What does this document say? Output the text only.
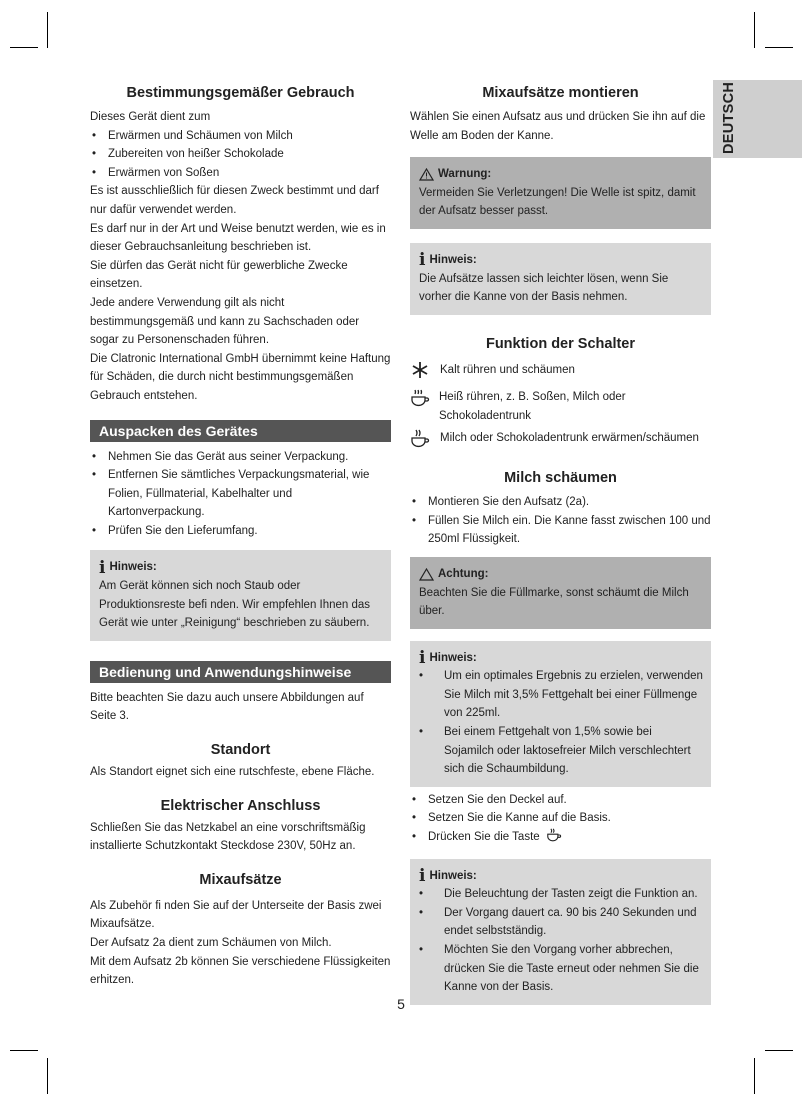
DEUTSCH
Bestimmungsgemäßer Gebrauch

Dieses Gerät dient zum

• Erwärmen und Schäumen von Milch
• Zubereiten von heißer Schokolade
• Erwärmen von Soßen

Es ist ausschließlich für diesen Zweck bestimmt und darf nur dafür verwendet werden.

Es darf nur in der Art und Weise benutzt werden, wie es in dieser Gebrauchsanleitung beschrieben ist.

Sie dürfen das Gerät nicht für gewerbliche Zwecke einsetzen.

Jede andere Verwendung gilt als nicht bestimmungsgemäß und kann zu Sachschaden oder sogar zu Personenschaden führen.

Die Clatronic International GmbH übernimmt keine Haftung für Schäden, die durch nicht bestimmungsgemäßen Gebrauch entstehen.

Auspacken des Gerätes
• Nehmen Sie das Gerät aus seiner Verpackung.
• Entfernen Sie sämtliches Verpackungsmaterial, wie Folien, Füllmaterial, Kabelhalter und Kartonverpackung.
• Prüfen Sie den Lieferumfang.
i Hinweis:
Am Gerät können sich noch Staub oder Produktionsreste befi nden. Wir empfehlen Ihnen das Gerät wie unter „Reinigung“ beschrieben zu säubern.
Bedienung und Anwendungshinweise

Bitte beachten Sie dazu auch unsere Abbildungen auf Seite 3.

Standort

Als Standort eignet sich eine rutschfeste, ebene Fläche.

Elektrischer Anschluss

Schließen Sie das Netzkabel an eine vorschriftsmäßig installierte Schutzkontakt Steckdose 230V, 50Hz an.

Mixaufsätze

Als Zubehör fi nden Sie auf der Unterseite der Basis zwei Mixaufsätze.

Der Aufsatz 2a dient zum Schäumen von Milch.

Mit dem Aufsatz 2b können Sie verschiedene Flüssigkeiten erhitzen.

Mixaufsätze montieren

Wählen Sie einen Aufsatz aus und drücken Sie ihn auf die Welle am Boden der Kanne.

Warnung:
Vermeiden Sie Verletzungen! Die Welle ist spitz, damit der Aufsatz besser passt.
i Hinweis:
Die Aufsätze lassen sich leichter lösen, wenn Sie vorher die Kanne von der Basis nehmen.
Funktion der Schalter
Kalt rühren und schäumen
Heiß rühren, z. B. Soßen, Milch oder Schokoladentrunk
Milch oder Schokoladentrunk erwärmen/schäumen
Milch schäumen
• Montieren Sie den Aufsatz (2a).
• Füllen Sie Milch ein. Die Kanne fasst zwischen 100 und 250ml Flüssigkeit.
Achtung:
Beachten Sie die Füllmarke, sonst schäumt die Milch über.
i Hinweis:
• Um ein optimales Ergebnis zu erzielen, verwenden Sie Milch mit 3,5% Fettgehalt bei einer Füllmenge von 225ml.
• Bei einem Fettgehalt von 1,5% sowie bei Sojamilch oder laktosefreier Milch verschlechtert sich die Schaumbildung.
• Setzen Sie den Deckel auf.
• Setzen Sie die Kanne auf die Basis.
• Drücken Sie die Taste
i Hinweis:
• Die Beleuchtung der Tasten zeigt die Funktion an.
• Der Vorgang dauert ca. 90 bis 240 Sekunden und endet selbstständig.
• Möchten Sie den Vorgang vorher abbrechen, drücken Sie die Taste erneut oder nehmen Sie die Kanne von der Basis.
5
